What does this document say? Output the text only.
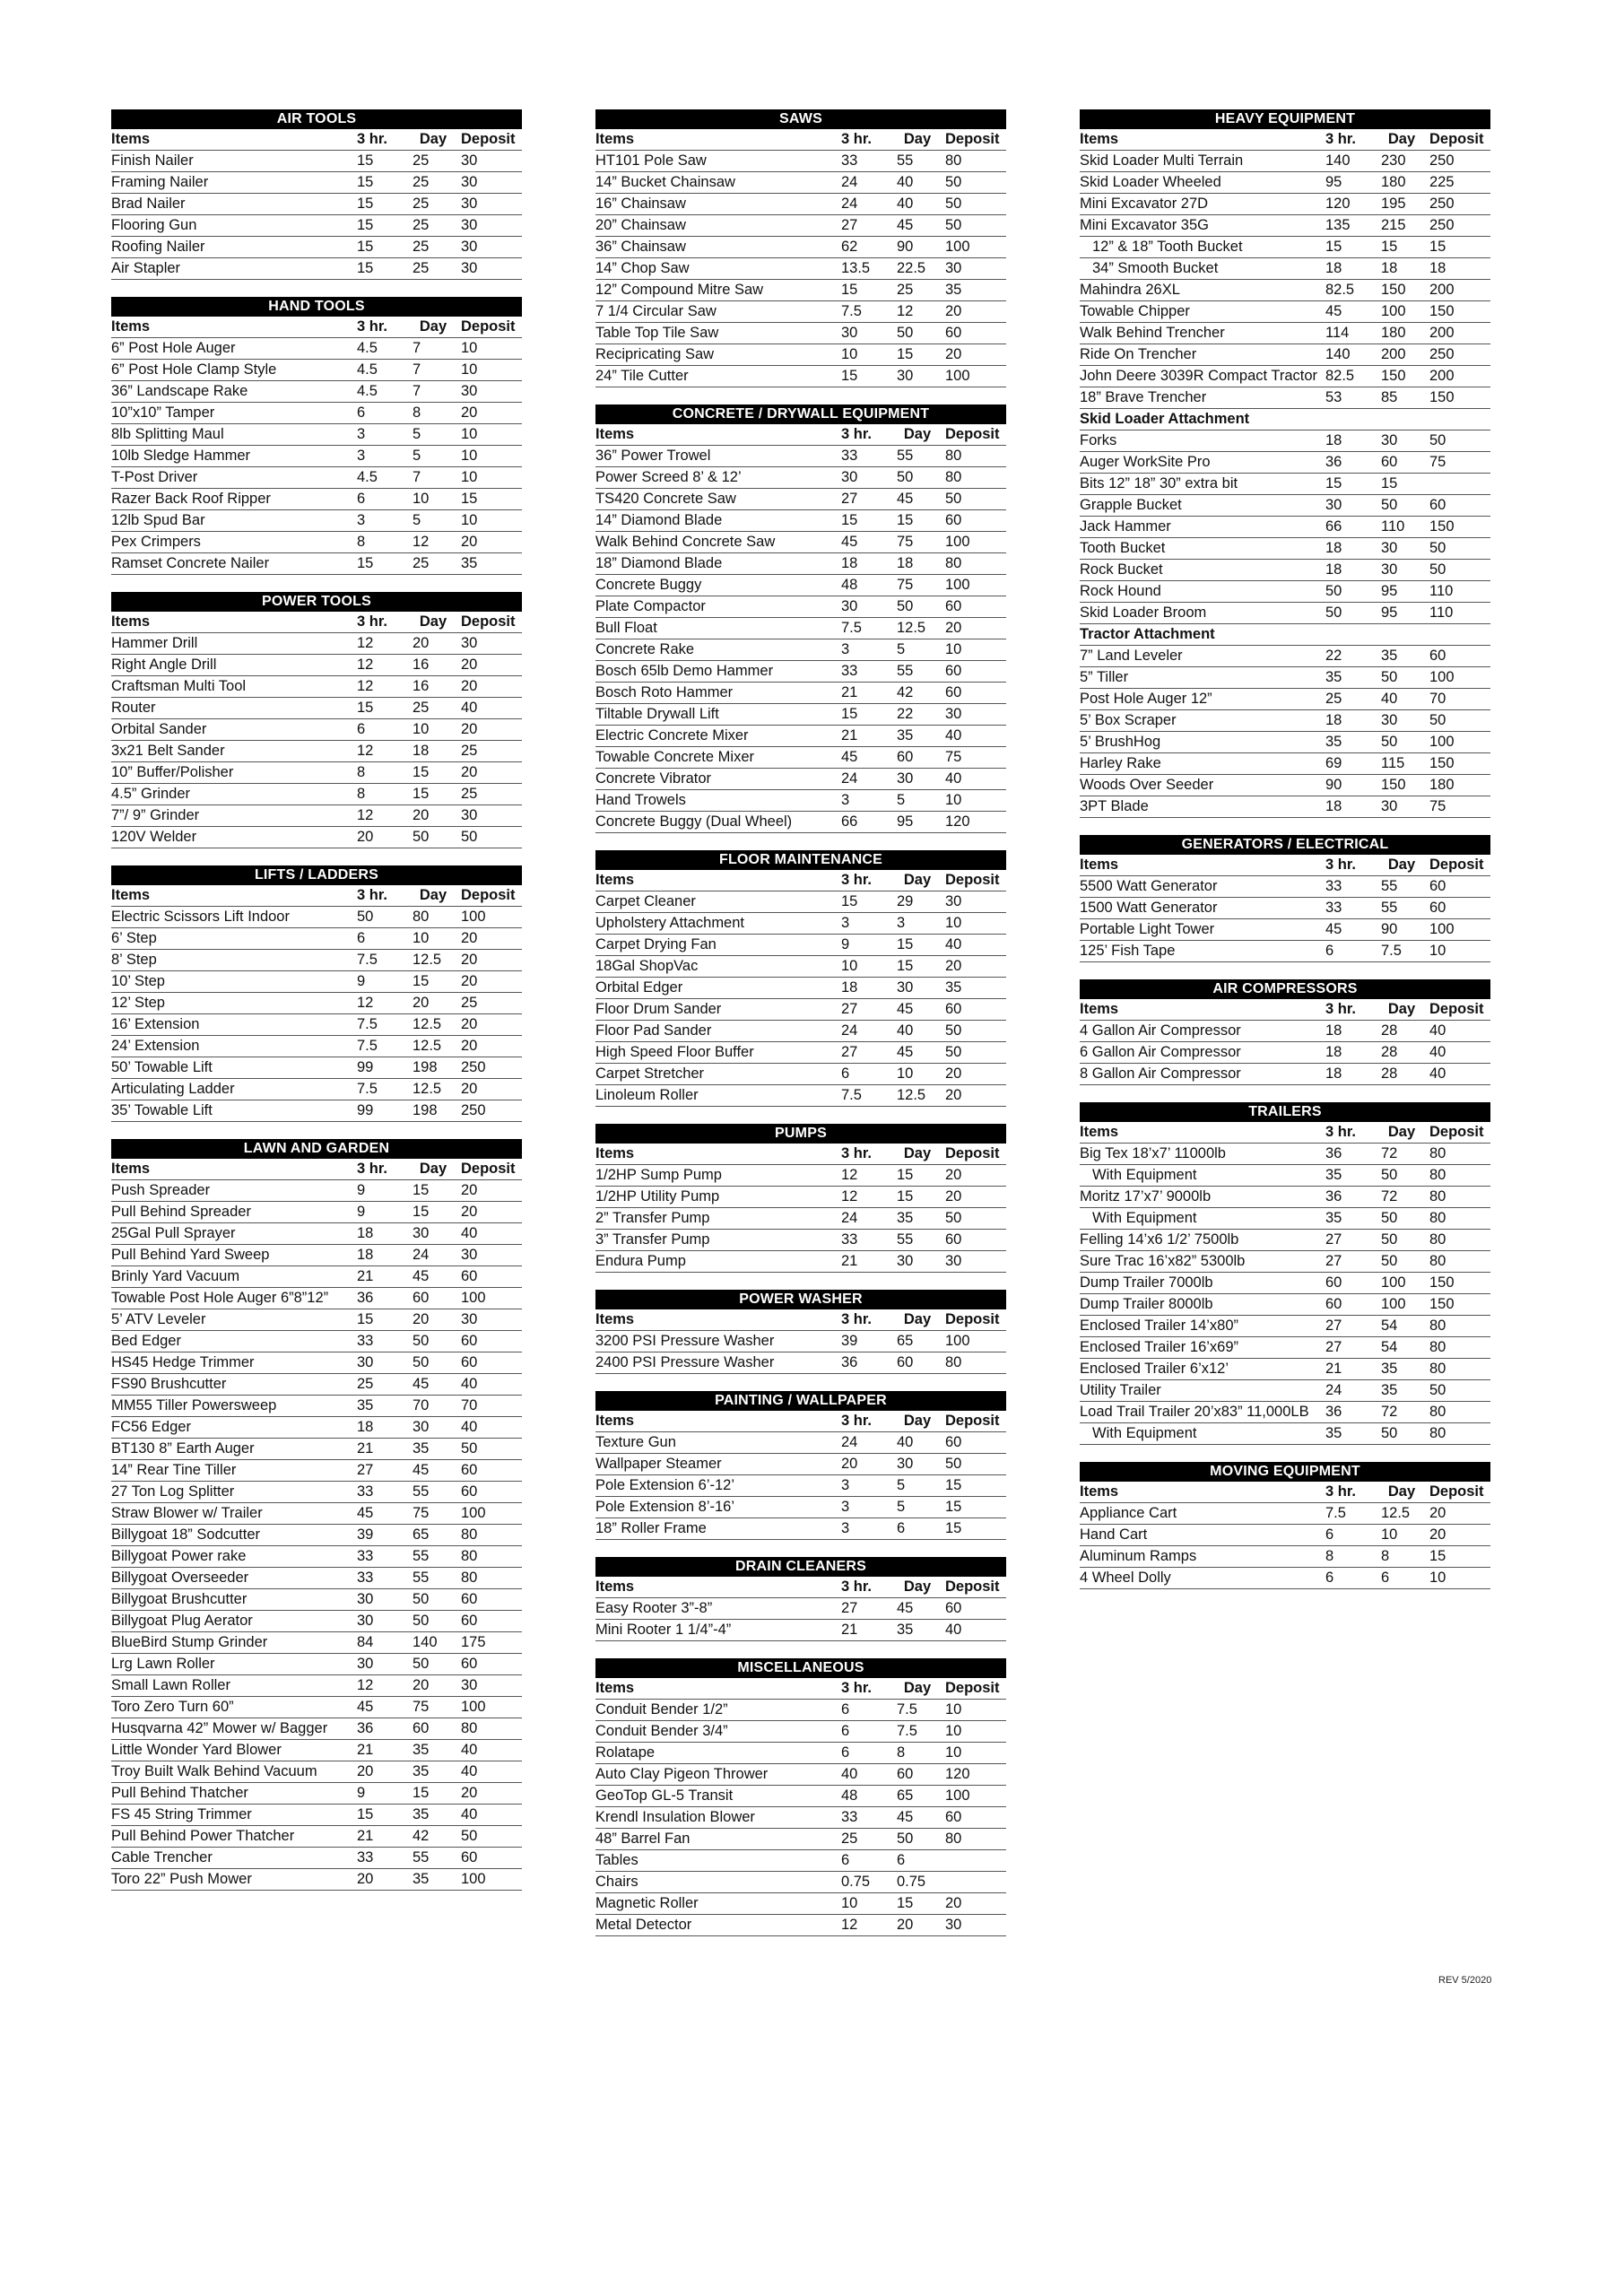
AIR TOOLS
Items	3 hr.	Day Deposit
Finish Nailer	15	25	30
Framing Nailer	15	25	30
Brad Nailer	15	25	30
Flooring Gun	15	25	30
Roofing Nailer	15	25	30
Air Stapler	15	25	30
HAND TOOLS
Items	3 hr.	Day Deposit
6” Post Hole Auger	4.5	7	10
6” Post Hole Clamp Style	4.5	7	10
36” Landscape Rake	4.5	7	30
10”x10” Tamper	6	8	20
8lb Splitting Maul	3	5	10
10lb Sledge Hammer	3	5	10
T-Post Driver	4.5	7	10
Razer Back Roof Ripper	6	10	15
12lb Spud Bar	3	5	10
Pex Crimpers	8	12	20
Ramset Concrete Nailer	15	25	35
POWER TOOLS
Items	3 hr.	Day Deposit
Hammer Drill	12	20	30
Right Angle Drill	12	16	20
Craftsman Multi Tool	12	16	20
Router	15	25	40
Orbital Sander	6	10	20
3x21 Belt Sander	12	18	25
10” Buffer/Polisher	8	15	20
4.5” Grinder	8	15	25
7”/ 9” Grinder	12	20	30
120V Welder	20	50	50
LIFTS / LADDERS
Items	3 hr.	Day Deposit
Electric Scissors Lift Indoor	50	80	100
6’ Step	6	10	20
8’ Step	7.5	12.5	20
10’ Step	9	15	20
12’ Step	12	20	25
16’ Extension	7.5	12.5	20
24’ Extension	7.5	12.5	20
50’ Towable Lift	99	198	250
Articulating Ladder	7.5	12.5	20
35’ Towable Lift	99	198	250
LAWN AND GARDEN
Items	3 hr.	Day Deposit
Push Spreader	9	15	20
Pull Behind Spreader	9	15	20
25Gal Pull Sprayer	18	30	40
Pull Behind Yard Sweep	18	24	30
Brinly Yard Vacuum	21	45	60
Towable Post Hole Auger 6”8”12”	36	60	100
5’ ATV Leveler	15	20	30
Bed Edger	33	50	60
HS45 Hedge Trimmer	30	50	60
FS90 Brushcutter	25	45	40
MM55 Tiller Powersweep	35	70	70
FC56 Edger	18	30	40
BT130 8” Earth Auger	21	35	50
14” Rear Tine Tiller	27	45	60
27 Ton Log Splitter	33	55	60
Straw Blower w/ Trailer	45	75	100
Billygoat 18” Sodcutter	39	65	80
Billygoat Power rake	33	55	80
Billygoat Overseeder	33	55	80
Billygoat Brushcutter	30	50	60
Billygoat Plug Aerator	30	50	60
BlueBird Stump Grinder	84	140	175
Lrg Lawn Roller	30	50	60
Small Lawn Roller	12	20	30
Toro Zero Turn 60”	45	75	100
Husqvarna 42” Mower w/ Bagger	36	60	80
Little Wonder Yard Blower	21	35	40
Troy Built Walk Behind Vacuum	20	35	40
Pull Behind Thatcher	9	15	20
FS 45 String Trimmer	15	35	40
Pull Behind Power Thatcher	21	42	50
Cable Trencher	33	55	60
Toro 22” Push Mower	20	35	100
SAWS
Items	3 hr.	Day Deposit
HT101 Pole Saw	33	55	80
14” Bucket Chainsaw	24	40	50
16” Chainsaw	24	40	50
20” Chainsaw	27	45	50
36” Chainsaw	62	90	100
14” Chop Saw	13.5	22.5	30
12” Compound Mitre Saw	15	25	35
7 1/4 Circular Saw	7.5	12	20
Table Top Tile Saw	30	50	60
Recipricating Saw	10	15	20
24” Tile Cutter	15	30	100
CONCRETE / DRYWALL EQUIPMENT
Items	3 hr.	Day Deposit
36” Power Trowel	33	55	80
Power Screed 8’ & 12’	30	50	80
TS420 Concrete Saw	27	45	50
14” Diamond Blade	15	15	60
Walk Behind Concrete Saw	45	75	100
18” Diamond Blade	18	18	80
Concrete Buggy	48	75	100
Plate Compactor	30	50	60
Bull Float	7.5	12.5	20
Concrete Rake	3	5	10
Bosch 65lb Demo Hammer	33	55	60
Bosch Roto Hammer	21	42	60
Tiltable Drywall Lift	15	22	30
Electric Concrete Mixer	21	35	40
Towable Concrete Mixer	45	60	75
Concrete Vibrator	24	30	40
Hand Trowels	3	5	10
Concrete Buggy (Dual Wheel)	66	95	120
FLOOR MAINTENANCE
Items	3 hr.	Day Deposit
Carpet Cleaner	15	29	30
Upholstery Attachment	3	3	10
Carpet Drying Fan	9	15	40
18Gal ShopVac	10	15	20
Orbital Edger	18	30	35
Floor Drum Sander	27	45	60
Floor Pad Sander	24	40	50
High Speed Floor Buffer	27	45	50
Carpet Stretcher	6	10	20
Linoleum Roller	7.5	12.5	20
PUMPS
Items	3 hr.	Day Deposit
1/2HP Sump Pump	12	15	20
1/2HP Utility Pump	12	15	20
2” Transfer Pump	24	35	50
3” Transfer Pump	33	55	60
Endura Pump	21	30	30
POWER WASHER
Items	3 hr.	Day Deposit
3200 PSI Pressure Washer	39	65	100
2400 PSI Pressure Washer	36	60	80
PAINTING / WALLPAPER
Items	3 hr.	Day Deposit
Texture Gun	24	40	60
Wallpaper Steamer	20	30	50
Pole Extension 6’-12’	3	5	15
Pole Extension 8’-16’	3	5	15
18” Roller Frame	3	6	15
DRAIN CLEANERS
Items	3 hr.	Day Deposit
Easy Rooter 3”-8”	27	45	60
Mini Rooter 1 1/4”-4”	21	35	40
MISCELLANEOUS
Items	3 hr.	Day Deposit
Conduit Bender 1/2”	6	7.5	10
Conduit Bender 3/4”	6	7.5	10
Rolatape	6	8	10
Auto Clay Pigeon Thrower	40	60	120
GeoTop GL-5 Transit	48	65	100
Krendl Insulation Blower	33	45	60
48” Barrel Fan	25	50	80
Tables	6	6
Chairs	0.75	0.75
Magnetic Roller	10	15	20
Metal Detector	12	20	30
HEAVY EQUIPMENT
Items	3 hr.	Day Deposit
Skid Loader Multi Terrain	140	230	250
Skid Loader Wheeled	95	180	225
Mini Excavator 27D	120	195	250
Mini Excavator 35G	135	215	250
12” & 18” Tooth Bucket	15	15	15
34” Smooth Bucket	18	18	18
Mahindra 26XL	82.5	150	200
Towable Chipper	45	100	150
Walk Behind Trencher	114	180	200
Ride On Trencher	140	200	250
John Deere 3039R Compact Tractor 82.5	150	200
18” Brave Trencher	53	85	150
Skid Loader Attachment
Forks	18	30	50
Auger WorkSite Pro	36	60	75
Bits 12” 18” 30” extra bit	15	15
Grapple Bucket	30	50	60
Jack Hammer	66	110	150
Tooth Bucket	18	30	50
Rock Bucket	18	30	50
Rock Hound	50	95	110
Skid Loader Broom	50	95	110
Tractor Attachment
7” Land Leveler	22	35	60
5” Tiller	35	50	100
Post Hole Auger 12”	25	40	70
5’ Box Scraper	18	30	50
5’ BrushHog	35	50	100
Harley Rake	69	115	150
Woods Over Seeder	90	150	180
3PT Blade	18	30	75
GENERATORS / ELECTRICAL
Items	3 hr.	Day Deposit
5500 Watt Generator	33	55	60
1500 Watt Generator	33	55	60
Portable Light Tower	45	90	100
125’ Fish Tape	6	7.5	10
AIR COMPRESSORS
Items	3 hr.	Day Deposit
4 Gallon Air Compressor	18	28	40
6 Gallon Air Compressor	18	28	40
8 Gallon Air Compressor	18	28	40
TRAILERS
Items	3 hr.	Day Deposit
Big Tex 18’x7’ 11000lb	36	72	80
With Equipment	35	50	80
Moritz 17’x7’ 9000lb	36	72	80
With Equipment	35	50	80
Felling 14’x6 1/2’ 7500lb	27	50	80
Sure Trac 16’x82” 5300lb	27	50	80
Dump Trailer 7000lb	60	100	150
Dump Trailer 8000lb	60	100	150
Enclosed Trailer 14’x80”	27	54	80
Enclosed Trailer 16’x69”	27	54	80
Enclosed Trailer 6’x12’	21	35	80
Utility Trailer	24	35	50
Load Trail Trailer 20’x83” 11,000LB	36	72	80
With Equipment	35	50	80
MOVING EQUIPMENT
Items	3 hr.	Day Deposit
Appliance Cart	7.5	12.5	20
Hand Cart	6	10	20
Aluminum Ramps	8	8	15
4 Wheel Dolly	6	6	10
REV 5/2020
